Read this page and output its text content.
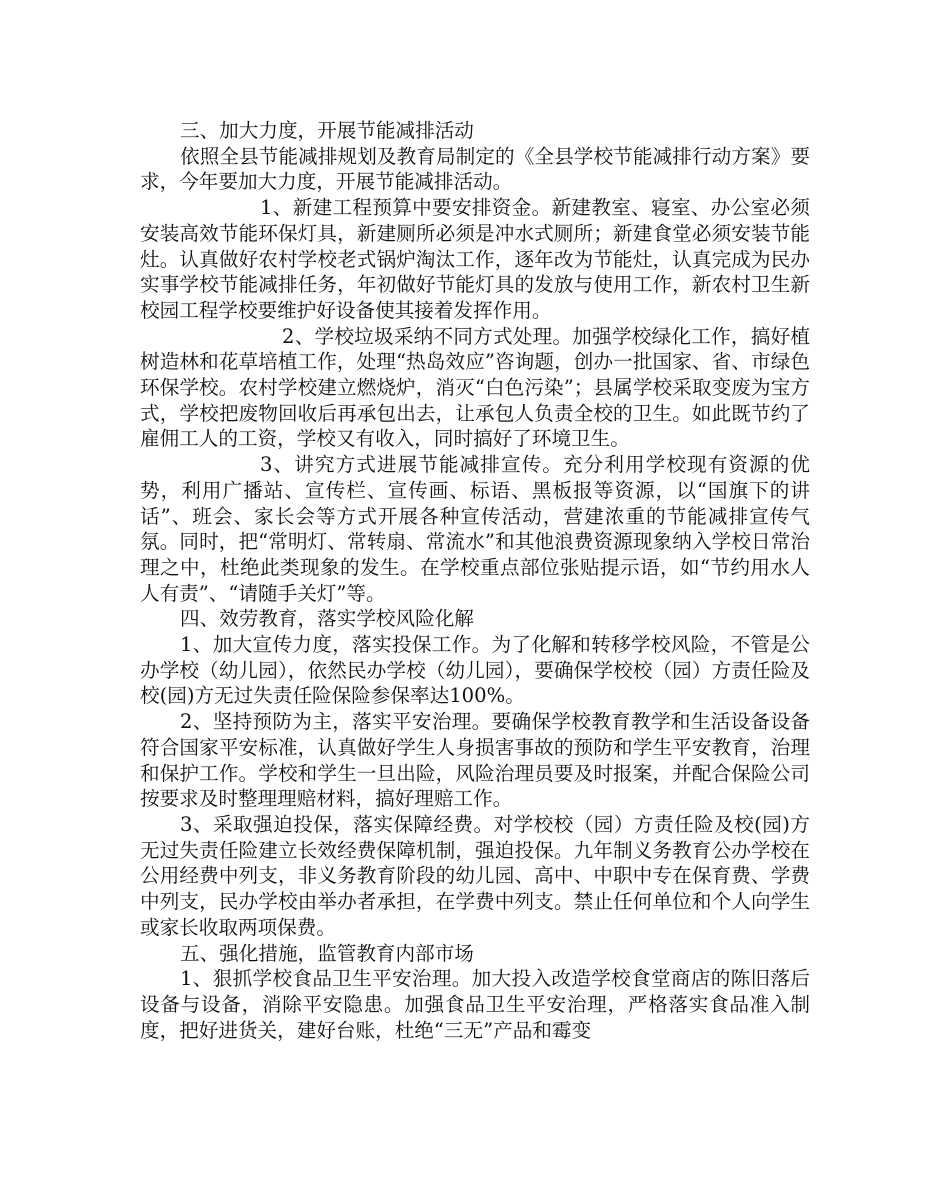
三、加大力度，开展节能减排活动

依照全县节能减排规划及教育局制定的《全县学校节能减排行动方案》要求，今年要加大力度，开展节能减排活动。

1、新建工程预算中要安排资金。新建教室、寝室、办公室必须安装高效节能环保灯具，新建厕所必须是冲水式厕所；新建食堂必须安装节能灶。认真做好农村学校老式锅炉淘汰工作，逐年改为节能灶，认真完成为民办实事学校节能减排任务，年初做好节能灯具的发放与使用工作，新农村卫生新校园工程学校要维护好设备使其接着发挥作用。

2、学校垃圾采纳不同方式处理。加强学校绿化工作，搞好植树造林和花草培植工作，处理“热岛效应”咨询题，创办一批国家、省、市绿色环保学校。农村学校建立燃烧炉，消灭“白色污染”；县属学校采取变废为宝方式，学校把废物回收后再承包出去，让承包人负责全校的卫生。如此既节约了雇佣工人的工资，学校又有收入，同时搞好了环境卫生。

3、讲究方式进展节能减排宣传。充分利用学校现有资源的优势，利用广播站、宣传栏、宣传画、标语、黑板报等资源，以“国旗下的讲话”、班会、家长会等方式开展各种宣传活动，营建浓重的节能减排宣传气氛。同时，把“常明灯、常转扇、常流水”和其他浪费资源现象纳入学校日常治理之中，杜绝此类现象的发生。在学校重点部位张贴提示语，如“节约用水人人有责”、“请随手关灯”等。

四、效劳教育，落实学校风险化解

1、加大宣传力度，落实投保工作。为了化解和转移学校风险，不管是公办学校（幼儿园），依然民办学校（幼儿园），要确保学校校（园）方责任险及校(园)方无过失责任险保险参保率达100%。

2、坚持预防为主，落实平安治理。要确保学校教育教学和生活设备设备符合国家平安标准，认真做好学生人身损害事故的预防和学生平安教育，治理和保护工作。学校和学生一旦出险，风险治理员要及时报案，并配合保险公司按要求及时整理理赔材料，搞好理赔工作。

3、采取强迫投保，落实保障经费。对学校校（园）方责任险及校(园)方无过失责任险建立长效经费保障机制，强迫投保。九年制义务教育公办学校在公用经费中列支，非义务教育阶段的幼儿园、高中、中职中专在保育费、学费中列支，民办学校由举办者承担，在学费中列支。禁止任何单位和个人向学生或家长收取两项保费。

五、强化措施，监管教育内部市场

1、狠抓学校食品卫生平安治理。加大投入改造学校食堂商店的陈旧落后设备与设备，消除平安隐患。加强食品卫生平安治理，严格落实食品准入制度，把好进货关，建好台账，杜绝“三无”产品和霉变
